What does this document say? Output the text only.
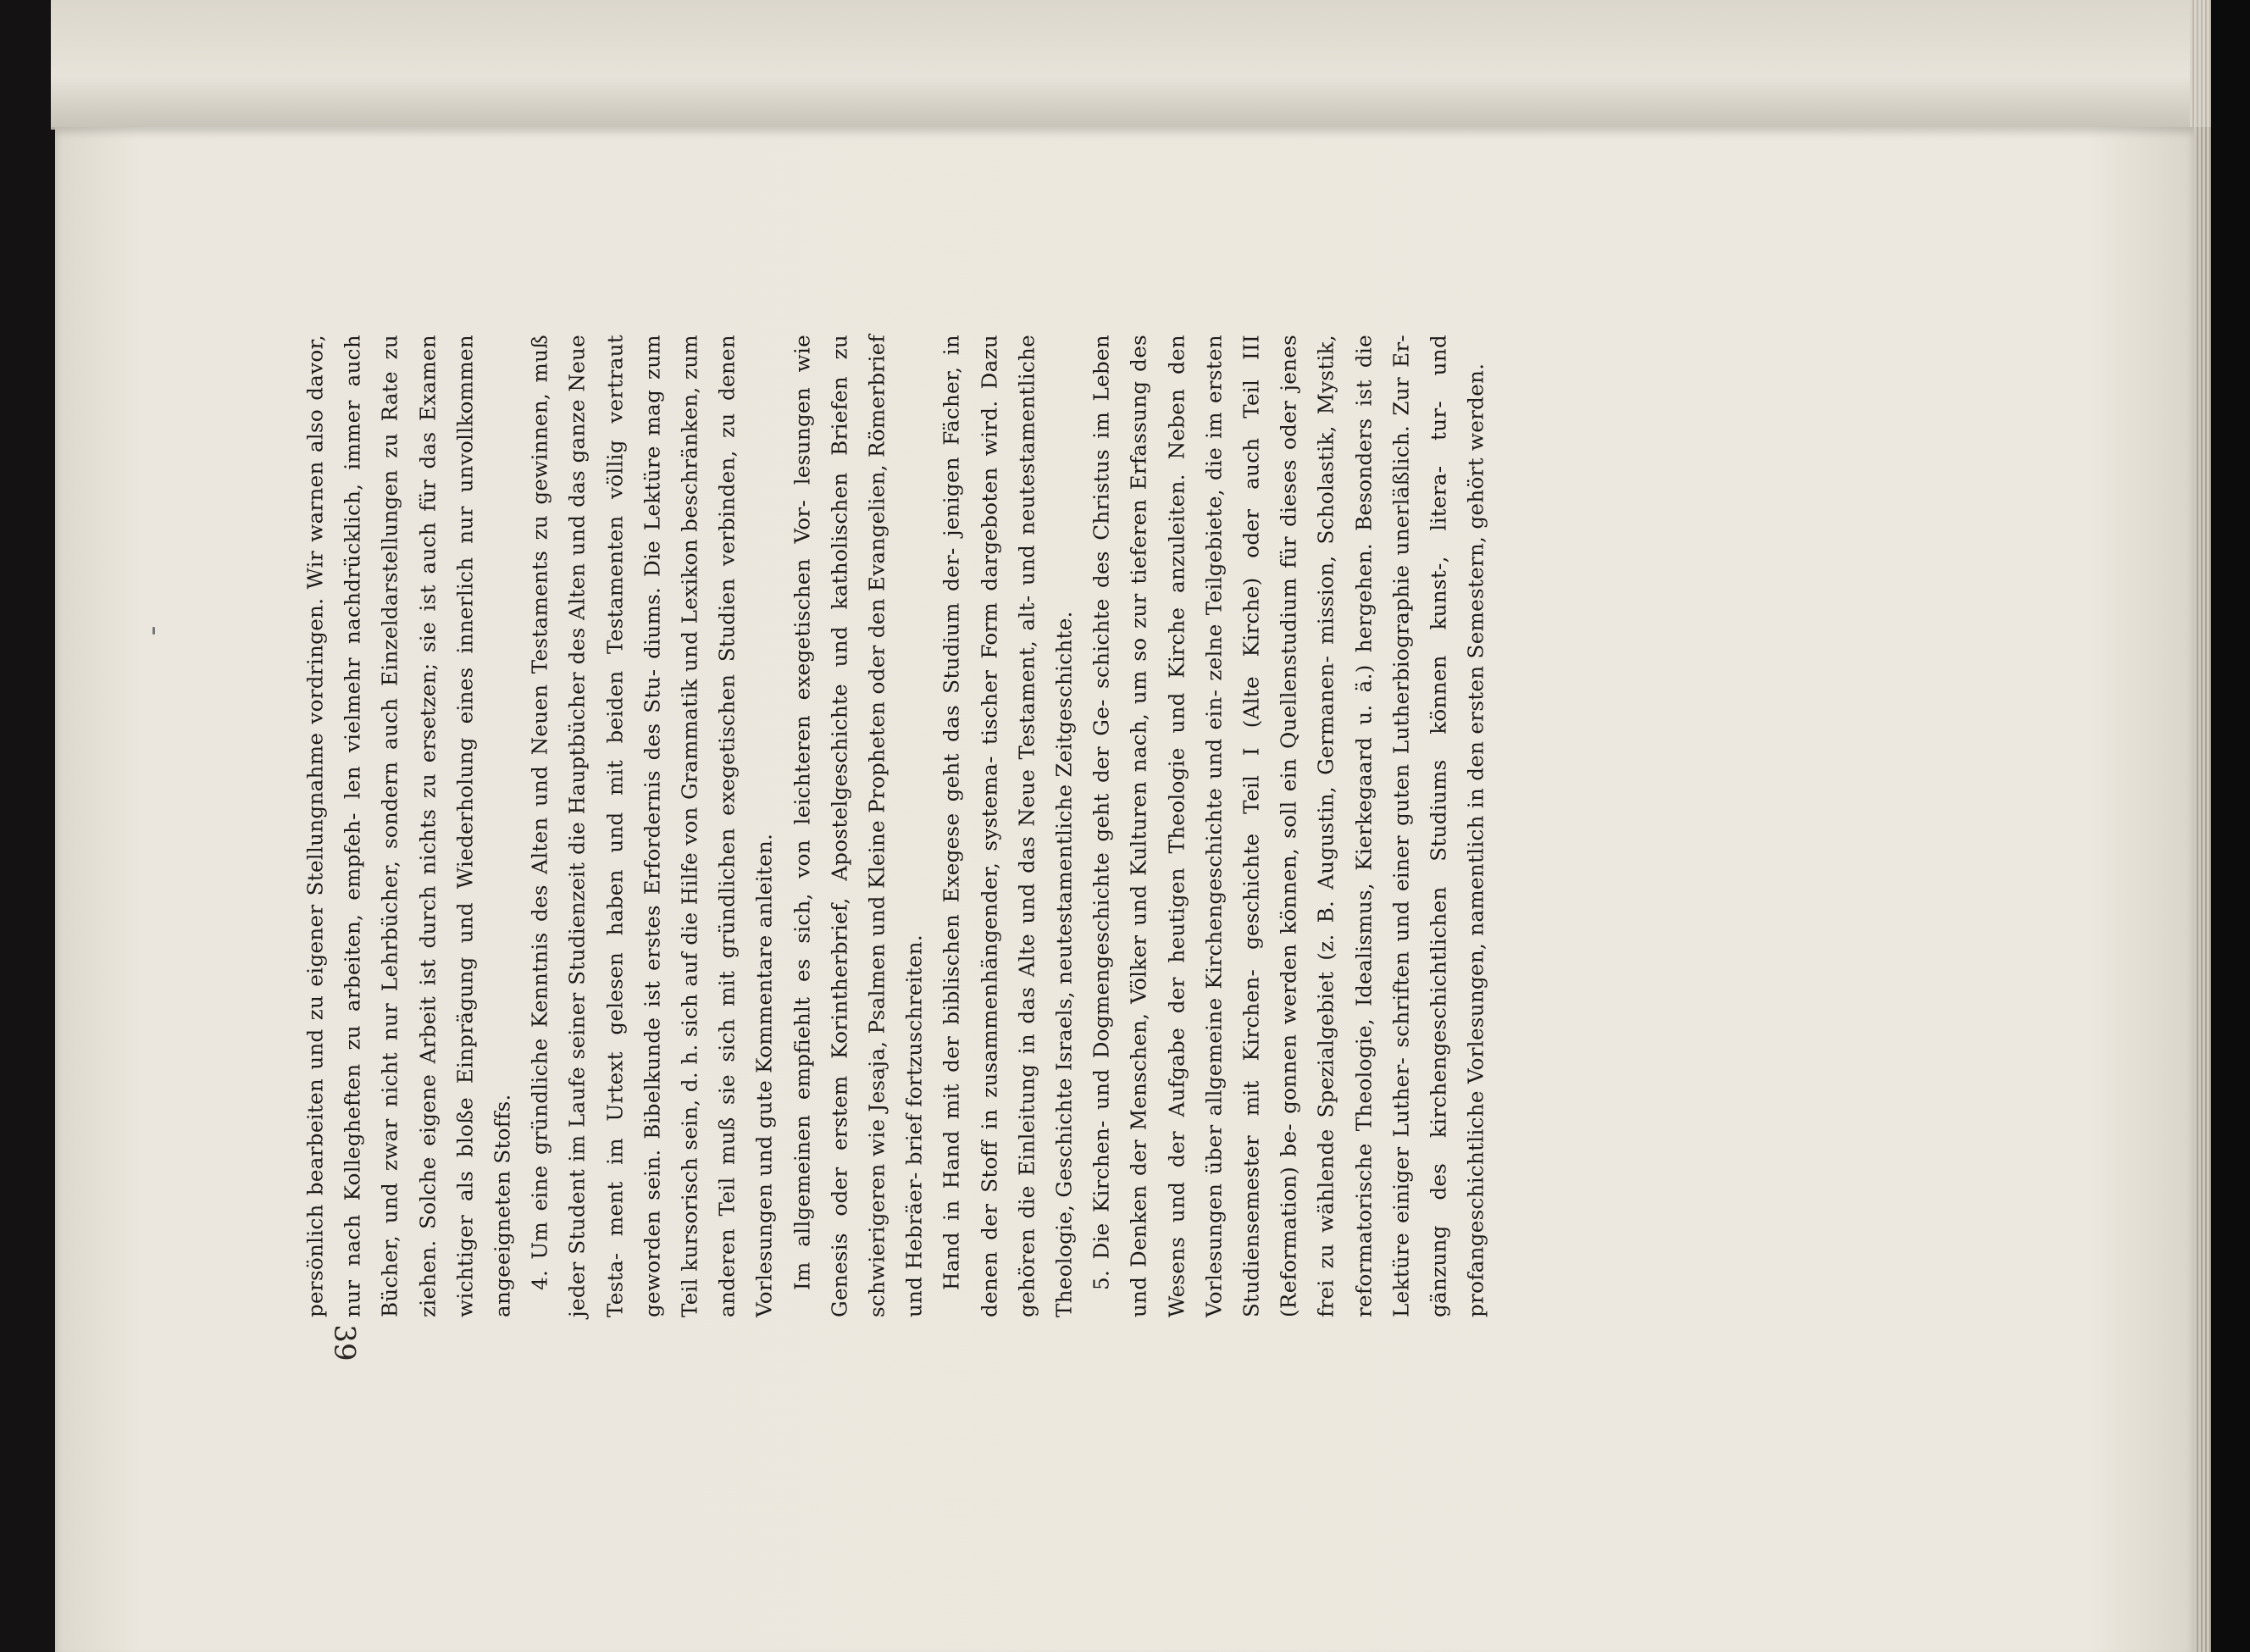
persönlich bearbeiten und zu eigener Stellungnahme vordringen. Wir warnen also davor, nur nach Kollegheften zu arbeiten, empfeh- len vielmehr nachdrücklich, immer auch Bücher, und zwar nicht nur Lehrbücher, sondern auch Einzeldarstellungen zu Rate zu ziehen. Solche eigene Arbeit ist durch nichts zu ersetzen; sie ist auch für das Examen wichtiger als bloße Einprägung und Wiederholung eines innerlich nur unvollkommen angeeigneten Stoffs. 4. Um eine gründliche Kenntnis des Alten und Neuen Testaments zu gewinnen, muß jeder Student im Laufe seiner Studienzeit die Hauptbücher des Alten und das ganze Neue Testa- ment im Urtext gelesen haben und mit beiden Testamenten völlig vertraut geworden sein. Bibelkunde ist erstes Erfordernis des Stu- diums. Die Lektüre mag zum Teil kursorisch sein, d. h. sich auf die Hilfe von Grammatik und Lexikon beschränken, zum anderen Teil muß sie sich mit gründlichen exegetischen Studien verbinden, zu denen Vorlesungen und gute Kommentare anleiten. Im allgemeinen empfiehlt es sich, von leichteren exegetischen Vor- lesungen wie Genesis oder erstem Korintherbrief, Apostelgeschichte und katholischen Briefen zu schwierigeren wie Jesaja, Psalmen und Kleine Propheten oder den Evangelien, Römerbrief und Hebräer- brief fortzuschreiten. Hand in Hand mit der biblischen Exegese geht das Studium der- jenigen Fächer, in denen der Stoff in zusammenhängender, systema- tischer Form dargeboten wird. Dazu gehören die Einleitung in das Alte und das Neue Testament, alt- und neutestamentliche Theologie, Geschichte Israels, neutestamentliche Zeitgeschichte. 5. Die Kirchen- und Dogmengeschichte geht der Ge- schichte des Christus im Leben und Denken der Menschen, Völker und Kulturen nach, um so zur tieferen Erfassung des Wesens und der Aufgabe der heutigen Theologie und Kirche anzuleiten. Neben den Vorlesungen über allgemeine Kirchengeschichte und ein- zelne Teilgebiete, die im ersten Studiensemester mit Kirchen- geschichte Teil I (Alte Kirche) oder auch Teil III (Reformation) be- gonnen werden können, soll ein Quellenstudium für dieses oder jenes frei zu wählende Spezialgebiet (z. B. Augustin, Germanen- mission, Scholastik, Mystik, reformatorische Theologie, Idealismus, Kierkegaard u. ä.) hergehen. Besonders ist die Lektüre einiger Luther- schriften und einer guten Lutherbiographie unerläßlich. Zur Er- gänzung des kirchengeschichtlichen Studiums können kunst-, litera- tur- und profangeschichtliche Vorlesungen, namentlich in den ersten Semestern, gehört werden.

39
